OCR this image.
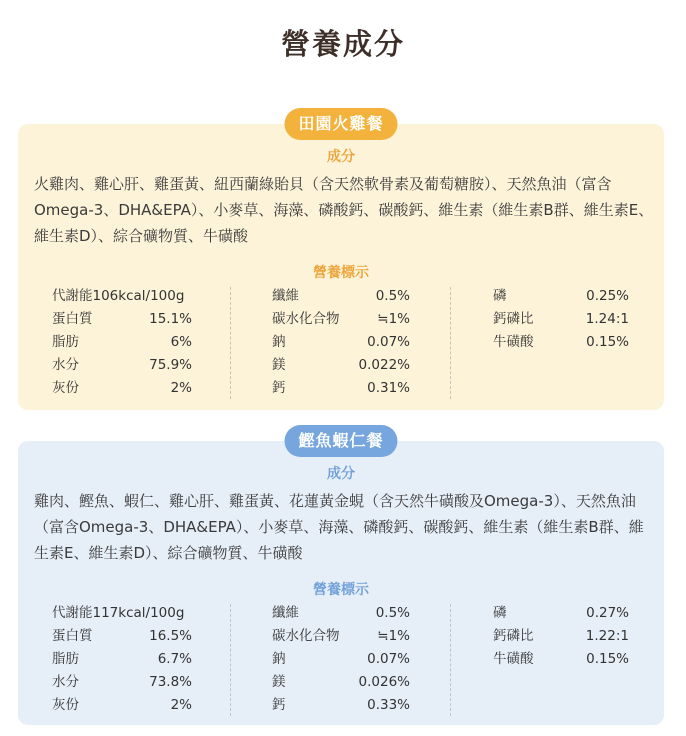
營養成分
田園火雞餐
成分
火雞肉、雞心肝、雞蛋黃、紐西蘭綠貽貝（含天然軟骨素及葡萄糖胺）、天然魚油（富含Omega-3、DHA&EPA）、小麥草、海藻、磷酸鈣、碳酸鈣、維生素（維生素B群、維生素E、維生素D）、綜合礦物質、牛磺酸
營養標示
代謝能106kcal/100g
蛋白質	15.1%
脂肪	6%
水分	75.9%
灰份	2%
纖維	0.5%
碳水化合物	≒1%
鈉	0.07%
鎂	0.022%
鈣	0.31%
磷	0.25%
鈣磷比	1.24:1
牛磺酸	0.15%
鰹魚蝦仁餐
成分
雞肉、鰹魚、蝦仁、雞心肝、雞蛋黃、花蓮黃金蜆（含天然牛磺酸及Omega-3）、天然魚油（富含Omega-3、DHA&EPA）、小麥草、海藻、磷酸鈣、碳酸鈣、維生素（維生素B群、維生素E、維生素D）、綜合礦物質、牛磺酸
營養標示
代謝能117kcal/100g
蛋白質	16.5%
脂肪	6.7%
水分	73.8%
灰份	2%
纖維	0.5%
碳水化合物	≒1%
鈉	0.07%
鎂	0.026%
鈣	0.33%
磷	0.27%
鈣磷比	1.22:1
牛磺酸	0.15%
